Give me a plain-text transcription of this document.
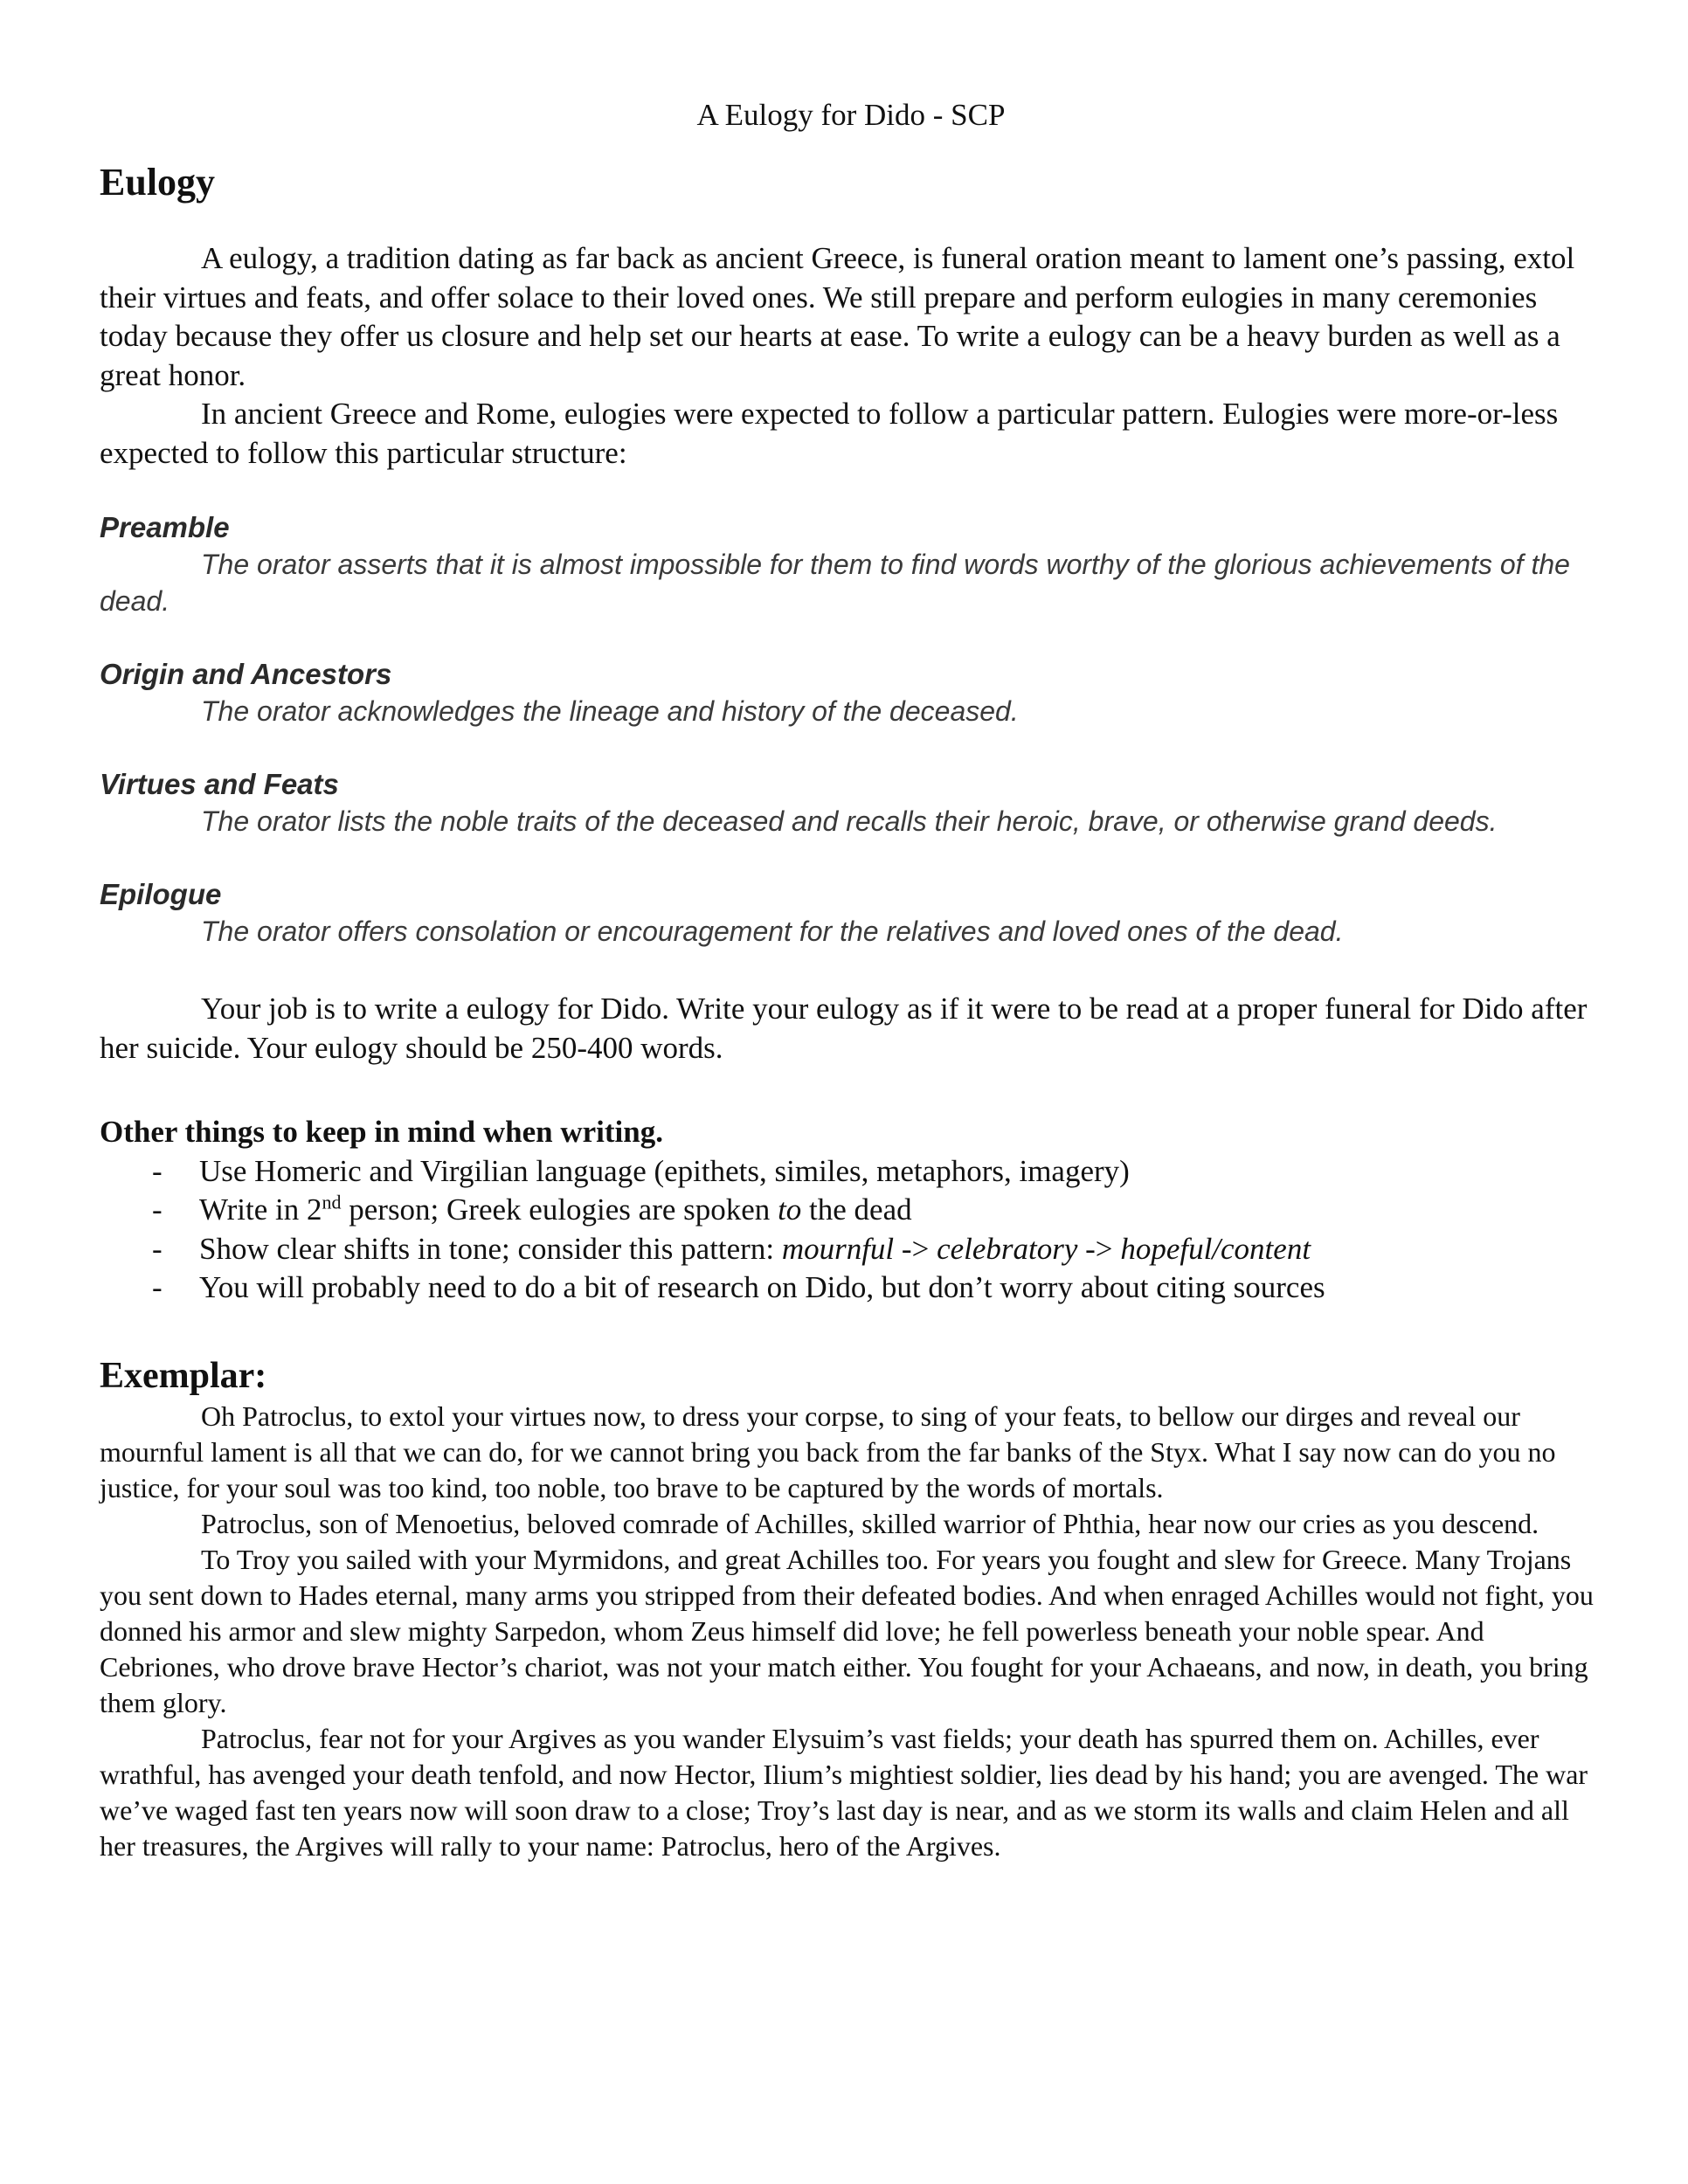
A Eulogy for Dido - SCP
Eulogy

A eulogy, a tradition dating as far back as ancient Greece, is funeral oration meant to lament one’s passing, extol their virtues and feats, and offer solace to their loved ones. We still prepare and perform eulogies in many ceremonies today because they offer us closure and help set our hearts at ease. To write a eulogy can be a heavy burden as well as a great honor.

In ancient Greece and Rome, eulogies were expected to follow a particular pattern. Eulogies were more-or-less expected to follow this particular structure:

Preamble

The orator asserts that it is almost impossible for them to find words worthy of the glorious achievements of the dead.

Origin and Ancestors

The orator acknowledges the lineage and history of the deceased.

Virtues and Feats

The orator lists the noble traits of the deceased and recalls their heroic, brave, or otherwise grand deeds.

Epilogue

The orator offers consolation or encouragement for the relatives and loved ones of the dead.

Your job is to write a eulogy for Dido. Write your eulogy as if it were to be read at a proper funeral for Dido after her suicide. Your eulogy should be 250-400 words.

Other things to keep in mind when writing.

- Use Homeric and Virgilian language (epithets, similes, metaphors, imagery)
- Write in 2nd person; Greek eulogies are spoken to the dead
- Show clear shifts in tone; consider this pattern: mournful -> celebratory -> hopeful/content
- You will probably need to do a bit of research on Dido, but don’t worry about citing sources
Exemplar:

Oh Patroclus, to extol your virtues now, to dress your corpse, to sing of your feats, to bellow our dirges and reveal our mournful lament is all that we can do, for we cannot bring you back from the far banks of the Styx. What I say now can do you no justice, for your soul was too kind, too noble, too brave to be captured by the words of mortals.

Patroclus, son of Menoetius, beloved comrade of Achilles, skilled warrior of Phthia, hear now our cries as you descend.

To Troy you sailed with your Myrmidons, and great Achilles too. For years you fought and slew for Greece. Many Trojans you sent down to Hades eternal, many arms you stripped from their defeated bodies. And when enraged Achilles would not fight, you donned his armor and slew mighty Sarpedon, whom Zeus himself did love; he fell powerless beneath your noble spear. And Cebriones, who drove brave Hector’s chariot, was not your match either. You fought for your Achaeans, and now, in death, you bring them glory.

Patroclus, fear not for your Argives as you wander Elysuim’s vast fields; your death has spurred them on. Achilles, ever wrathful, has avenged your death tenfold, and now Hector, Ilium’s mightiest soldier, lies dead by his hand; you are avenged. The war we’ve waged fast ten years now will soon draw to a close; Troy’s last day is near, and as we storm its walls and claim Helen and all her treasures, the Argives will rally to your name: Patroclus, hero of the Argives.
